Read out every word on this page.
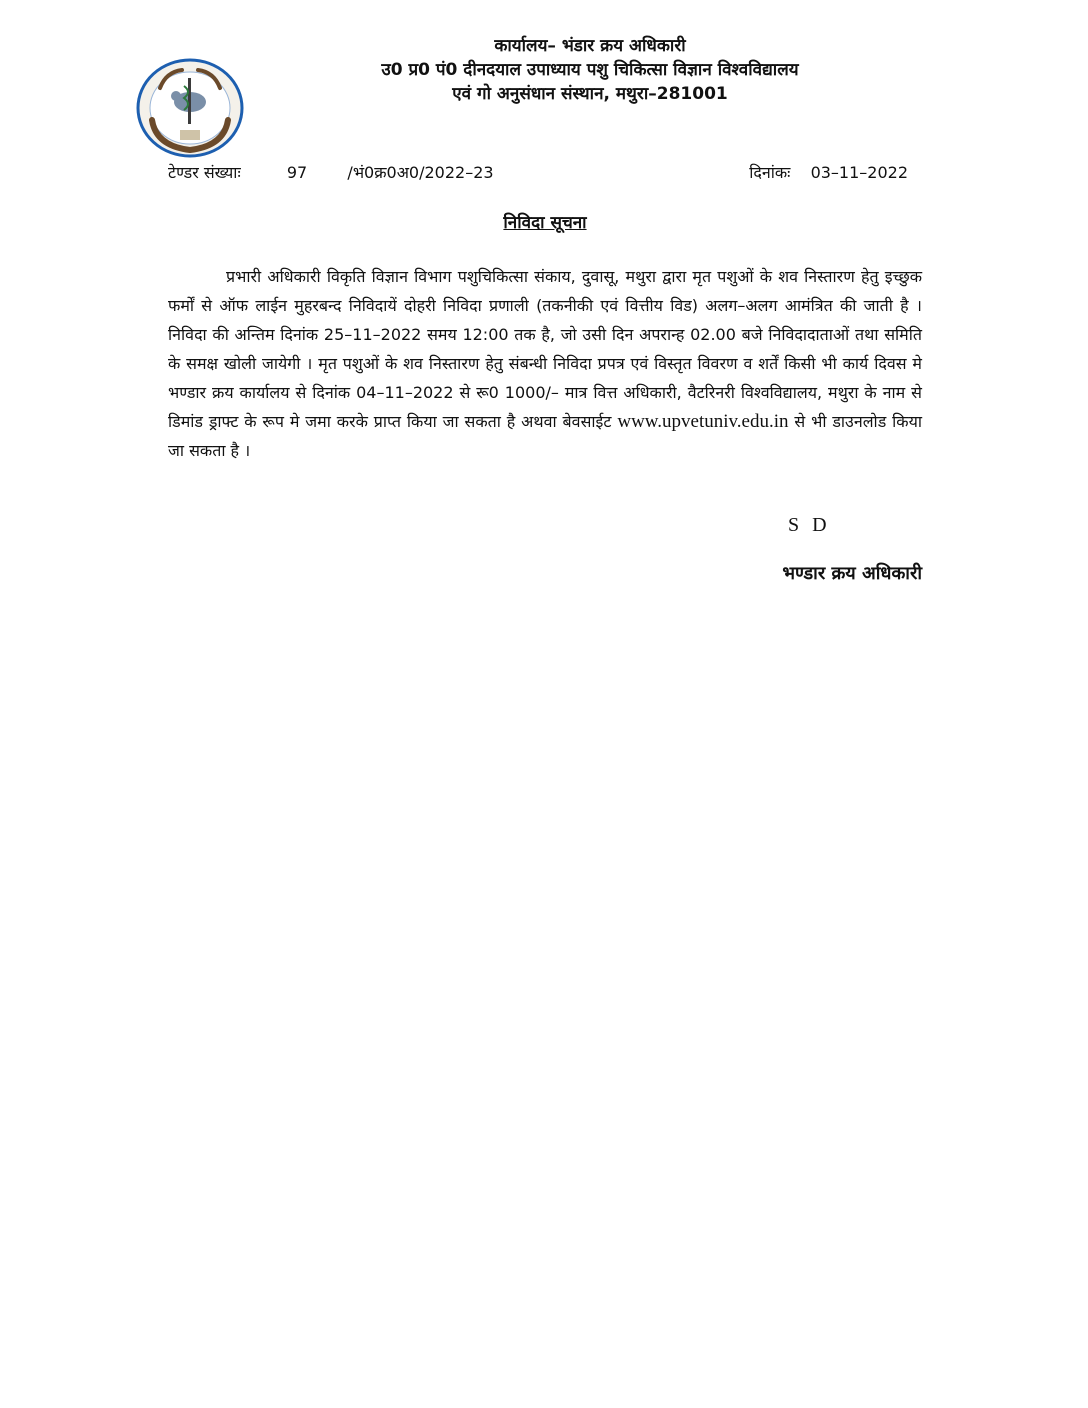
कार्यालय– भंडार क्रय अधिकारी
उ0 प्र0 पं0 दीनदयाल उपाध्याय पशु चिकित्सा विज्ञान विश्वविद्यालय
एवं गो अनुसंधान संस्थान, मथुरा–281001
टेण्डर संख्याः	97	/भं0क्र0अ0/2022–23	दिनांकः 03–11–2022
निविदा सूचना

प्रभारी अधिकारी विकृति विज्ञान विभाग पशुचिकित्सा संकाय, दुवासू, मथुरा द्वारा मृत पशुओं के शव निस्तारण हेतु इच्छुक फर्मों से ऑफ लाईन मुहरबन्द निविदायें दोहरी निविदा प्रणाली (तकनीकी एवं वित्तीय विड) अलग–अलग आमंत्रित की जाती है । निविदा की अन्तिम दिनांक 25–11–2022 समय 12:00 तक है, जो उसी दिन अपरान्ह 02.00 बजे निविदादाताओं तथा समिति के समक्ष खोली जायेगी । मृत पशुओं के शव निस्तारण हेतु संबन्धी निविदा प्रपत्र एवं विस्तृत विवरण व शर्तें किसी भी कार्य दिवस मे भण्डार क्रय कार्यालय से दिनांक 04–11–2022 से रू0 1000/– मात्र वित्त अधिकारी, वैटरिनरी विश्वविद्यालय, मथुरा के नाम से डिमांड ड्राफ्ट के रूप मे जमा करके प्राप्त किया जा सकता है अथवा बेवसाईट www.upvetuniv.edu.in से भी डाउनलोड किया जा सकता है ।

S D
भण्डार क्रय अधिकारी
